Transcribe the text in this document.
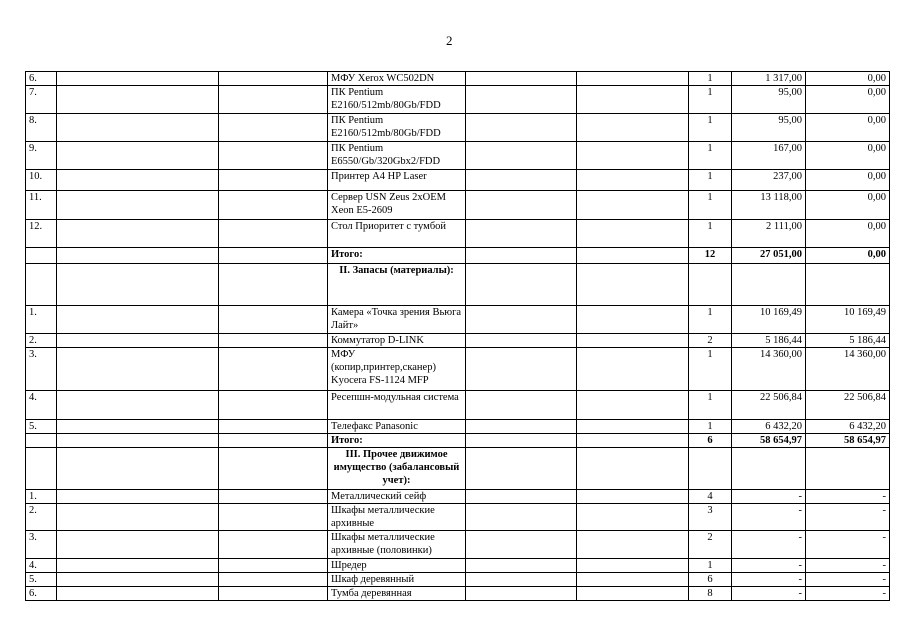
2
6.			МФУ Xerox WC502DN			1	1 317,00	0,00
7.			ПК Pentium E2160/512mb/80Gb/FDD			1	95,00	0,00
8.			ПК Pentium E2160/512mb/80Gb/FDD			1	95,00	0,00
9.			ПК Pentium E6550/Gb/320Gbx2/FDD			1	167,00	0,00
10.			Принтер А4 HP Laser			1	237,00	0,00
11.			Сервер USN Zeus 2xOEM Xeon E5-2609			1	13 118,00	0,00
12.			Стол Приоритет с тумбой			1	2 111,00	0,00
			Итого:			12	27 051,00	0,00
			II. Запасы (материалы):					
1.			Камера «Точка зрения Вьюга Лайт»			1	10 169,49	10 169,49
2.			Коммутатор D-LINK			2	5 186,44	5 186,44
3.			МФУ (копир,принтер,сканер) Kyocera FS-1124 MFP			1	14 360,00	14 360,00
4.			Ресепшн-модульная система			1	22 506,84	22 506,84
5.			Телефакс Panasonic			1	6 432,20	6 432,20
			Итого:			6	58 654,97	58 654,97
			III. Прочее движимое имущество (забалансовый учет):					
1.			Металлический сейф			4	-	-
2.			Шкафы металлические архивные			3	-	-
3.			Шкафы металлические архивные (половинки)			2	-	-
4.			Шредер			1	-	-
5.			Шкаф деревянный			6	-	-
6.			Тумба деревянная			8	-	-
